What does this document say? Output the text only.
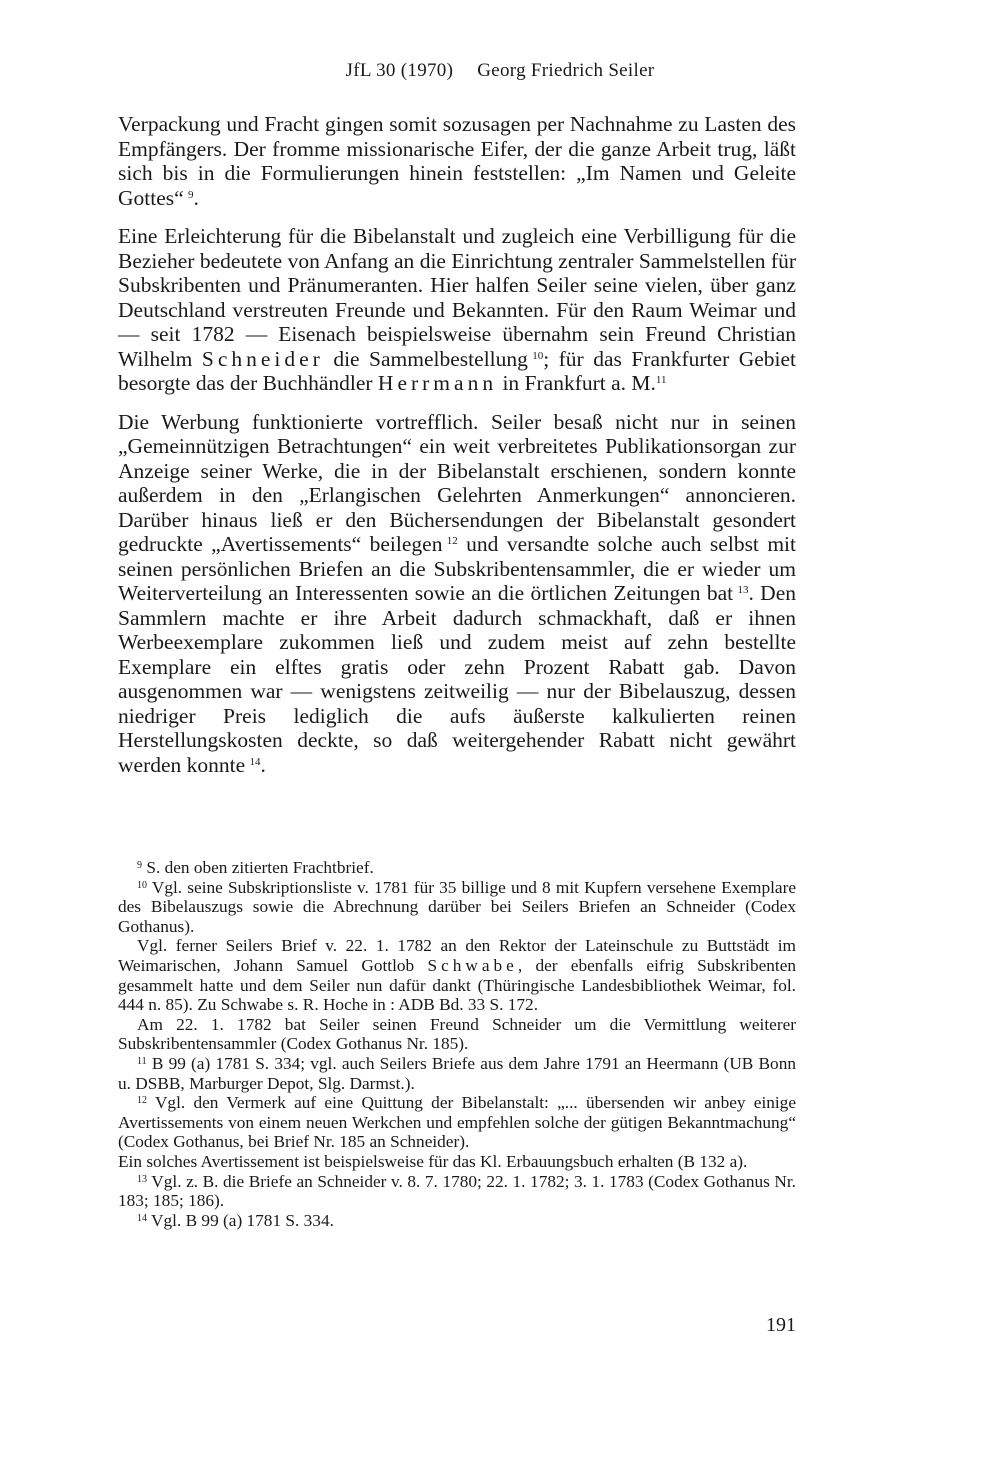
JfL 30 (1970) Georg Friedrich Seiler

Verpackung und Fracht gingen somit sozusagen per Nachnahme zu Lasten des Empfängers. Der fromme missionarische Eifer, der die ganze Arbeit trug, läßt sich bis in die Formulierungen hinein feststellen: „Im Namen und Geleite Gottes“  $^9$.

Eine Erleichterung für die Bibelanstalt und zugleich eine Verbilligung für die Bezieher bedeutete von Anfang an die Einrichtung zentraler Sammelstellen für Subskribenten und Pränumeranten. Hier halfen Seiler seine vielen, über ganz Deutschland verstreuten Freunde und Bekannten. Für den Raum Weimar und — seit 1782 — Eisenach beispielsweise übernahm sein Freund Christian Wilhelm Schneider die Sammelbestellung  $^{10}$; für das Frankfurter Gebiet besorgte das der Buchhändler Herrmann in Frankfurt a. M.$^{11}$

Die Werbung funktionierte vortrefflich. Seiler besaß nicht nur in seinen „Gemeinnützigen Betrachtungen“ ein weit verbreitetes Publikationsorgan zur Anzeige seiner Werke, die in der Bibelanstalt erschienen, sondern konnte außerdem in den „Erlangischen Gelehrten Anmerkungen“ annoncieren. Darüber hinaus ließ er den Büchersendungen der Bibelanstalt gesondert gedruckte „Avertissements“ beilegen  $^{12}$ und versandte solche auch selbst mit seinen persönlichen Briefen an die Subskribentensammler, die er wieder um Weiterverteilung an Interessenten sowie an die örtlichen Zeitungen bat  $^{13}$. Den Sammlern machte er ihre Arbeit dadurch schmackhaft, daß er ihnen Werbeexemplare zukommen ließ und zudem meist auf zehn bestellte Exemplare ein elftes gratis oder zehn Prozent Rabatt gab. Davon ausgenommen war — wenigstens zeitweilig — nur der Bibelauszug, dessen niedriger Preis lediglich die aufs äußerste kalkulierten reinen Herstellungskosten deckte, so daß weitergehender Rabatt nicht gewährt werden konnte  $^{14}$.

$^9$ S. den oben zitierten Frachtbrief.

$^{10}$ Vgl. seine Subskriptionsliste v. 1781 für 35 billige und 8 mit Kupfern versehene Exemplare des Bibelauszugs sowie die Abrechnung darüber bei Seilers Briefen an Schneider (Codex Gothanus).

Vgl. ferner Seilers Brief v. 22. 1. 1782 an den Rektor der Lateinschule zu Buttstädt im Weimarischen, Johann Samuel Gottlob Schwabe, der ebenfalls eifrig Subskribenten gesammelt hatte und dem Seiler nun dafür dankt (Thüringische Landesbibliothek Weimar, fol. 444 n. 85). Zu Schwabe s. R. Hoche in : ADB Bd. 33 S. 172.

Am 22. 1. 1782 bat Seiler seinen Freund Schneider um die Vermittlung weiterer Subskribentensammler (Codex Gothanus Nr. 185).

$^{11}$ B 99 (a) 1781 S. 334; vgl. auch Seilers Briefe aus dem Jahre 1791 an Heermann (UB Bonn u. DSBB, Marburger Depot, Slg. Darmst.).

$^{12}$ Vgl. den Vermerk auf eine Quittung der Bibelanstalt: „... übersenden wir anbey einige Avertissements von einem neuen Werkchen und empfehlen solche der gütigen Bekanntmachung“ (Codex Gothanus, bei Brief Nr. 185 an Schneider).

Ein solches Avertissement ist beispielsweise für das Kl. Erbauungsbuch erhalten (B 132 a).

$^{13}$ Vgl. z. B. die Briefe an Schneider v. 8. 7. 1780; 22. 1. 1782; 3. 1. 1783 (Codex Gothanus Nr. 183; 185; 186).

$^{14}$ Vgl. B 99 (a) 1781 S. 334.

191
